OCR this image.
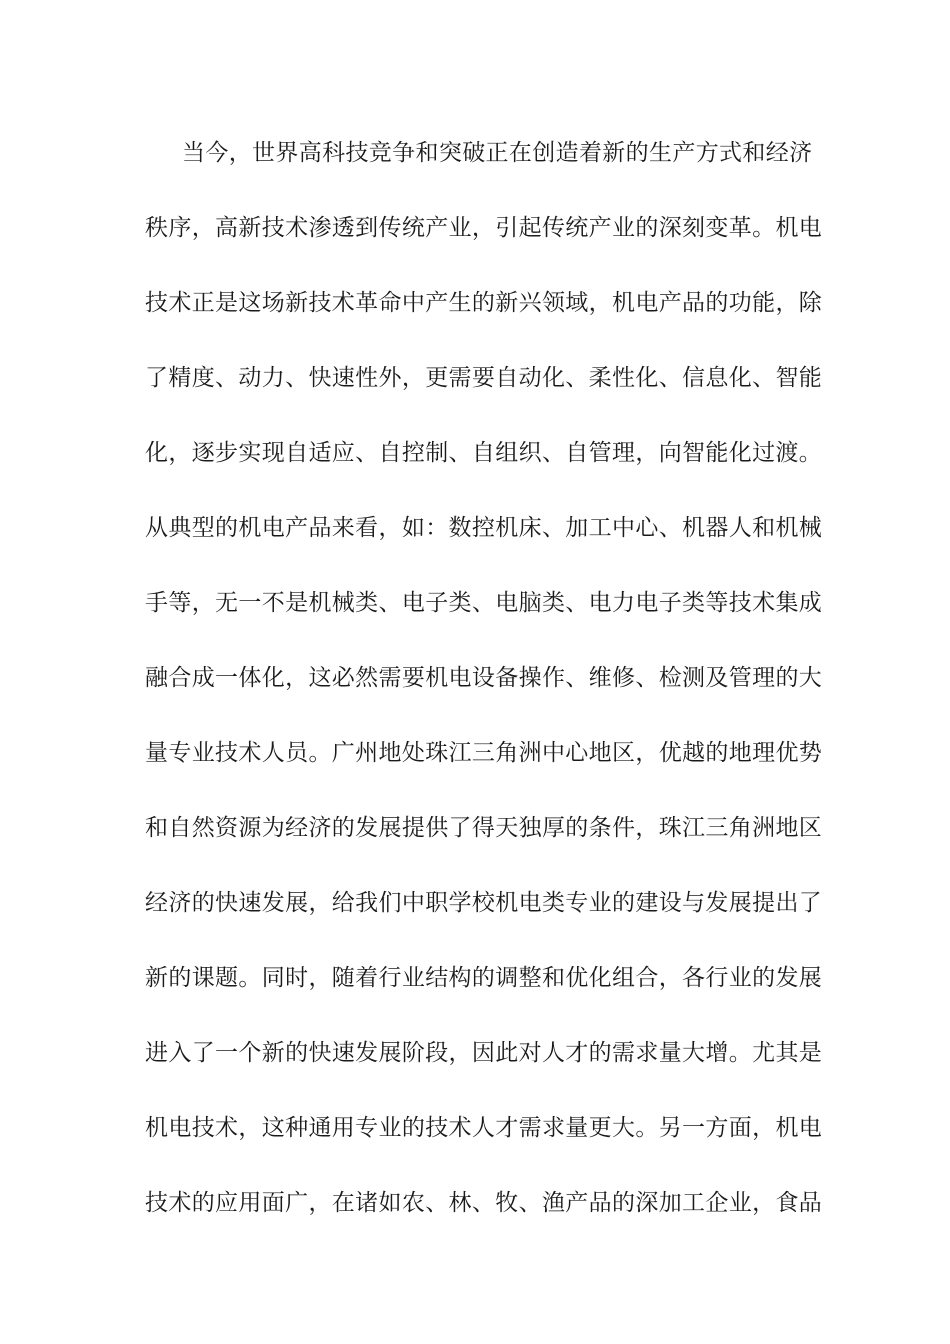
当今，世界高科技竞争和突破正在创造着新的生产方式和经济
秩序，高新技术渗透到传统产业，引起传统产业的深刻变革。机电
技术正是这场新技术革命中产生的新兴领域，机电产品的功能，除
了精度、动力、快速性外，更需要自动化、柔性化、信息化、智能
化，逐步实现自适应、自控制、自组织、自管理，向智能化过渡。
从典型的机电产品来看，如：数控机床、加工中心、机器人和机械
手等，无一不是机械类、电子类、电脑类、电力电子类等技术集成
融合成一体化，这必然需要机电设备操作、维修、检测及管理的大
量专业技术人员。广州地处珠江三角洲中心地区，优越的地理优势
和自然资源为经济的发展提供了得天独厚的条件，珠江三角洲地区
经济的快速发展，给我们中职学校机电类专业的建设与发展提出了
新的课题。同时，随着行业结构的调整和优化组合，各行业的发展
进入了一个新的快速发展阶段，因此对人才的需求量大增。尤其是
机电技术，这种通用专业的技术人才需求量更大。另一方面，机电
技术的应用面广，在诸如农、林、牧、渔产品的深加工企业，食品
